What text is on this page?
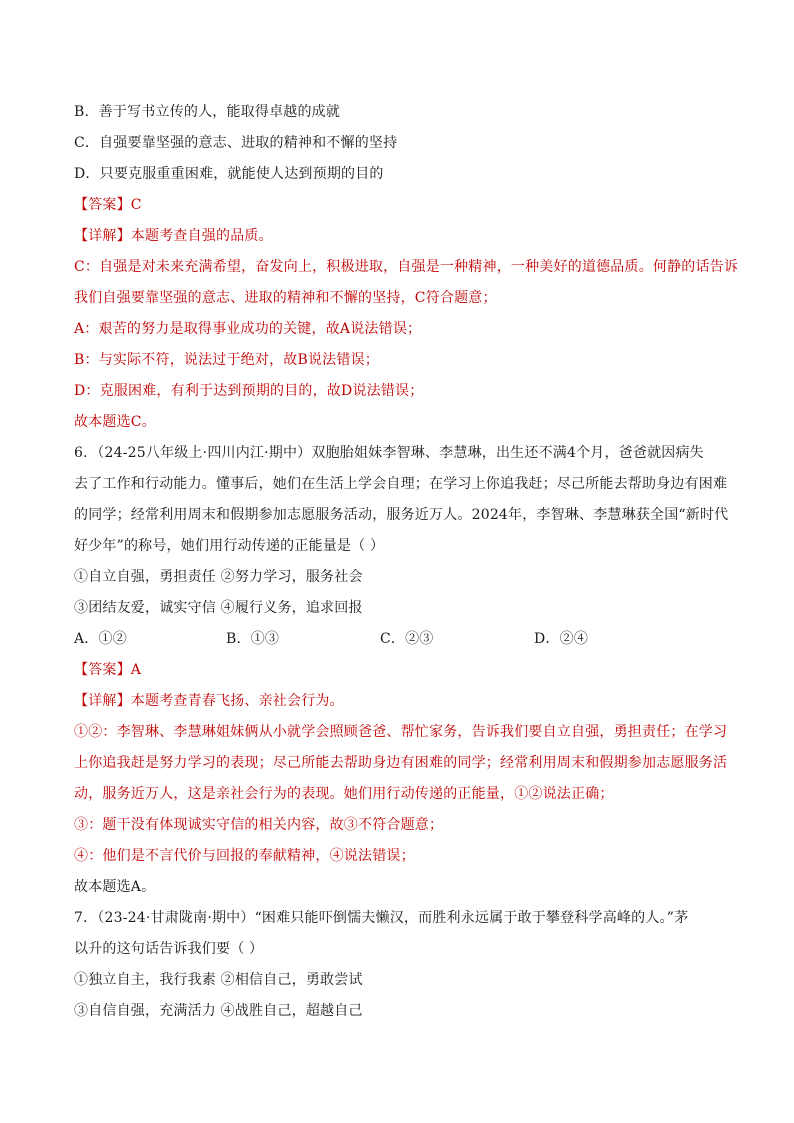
B．善于写书立传的人，能取得卓越的成就
C．自强要靠坚强的意志、进取的精神和不懈的坚持
D．只要克服重重困难，就能使人达到预期的目的
【答案】C
【详解】本题考查自强的品质。
C：自强是对未来充满希望，奋发向上，积极进取，自强是一种精神，一种美好的道德品质。何静的话告诉
我们自强要靠坚强的意志、进取的精神和不懈的坚持，C符合题意；
A：艰苦的努力是取得事业成功的关键，故A说法错误；
B：与实际不符，说法过于绝对，故B说法错误；
D：克服困难，有利于达到预期的目的，故D说法错误；
故本题选C。
6．（24-25八年级上·四川内江·期中）双胞胎姐妹李智琳、李慧琳，出生还不满4个月，爸爸就因病失
去了工作和行动能力。懂事后，她们在生活上学会自理；在学习上你追我赶；尽己所能去帮助身边有困难
的同学；经常利用周末和假期参加志愿服务活动，服务近万人。2024年，李智琳、李慧琳获全国“新时代
好少年”的称号，她们用行动传递的正能量是（ ）
①自立自强，勇担责任 ②努力学习，服务社会
③团结友爱，诚实守信 ④履行义务，追求回报
A．①②	B．①③	C．②③	D．②④
【答案】A
【详解】本题考查青春飞扬、亲社会行为。
①②：李智琳、李慧琳姐妹俩从小就学会照顾爸爸、帮忙家务，告诉我们要自立自强，勇担责任；在学习
上你追我赶是努力学习的表现；尽己所能去帮助身边有困难的同学；经常利用周末和假期参加志愿服务活
动，服务近万人，这是亲社会行为的表现。她们用行动传递的正能量，①②说法正确；
③：题干没有体现诚实守信的相关内容，故③不符合题意；
④：他们是不言代价与回报的奉献精神，④说法错误；
故本题选A。
7．（23-24·甘肃陇南·期中）“困难只能吓倒懦夫懒汉，而胜利永远属于敢于攀登科学高峰的人。”茅
以升的这句话告诉我们要（ ）
①独立自主，我行我素 ②相信自己，勇敢尝试
③自信自强，充满活力 ④战胜自己，超越自己
